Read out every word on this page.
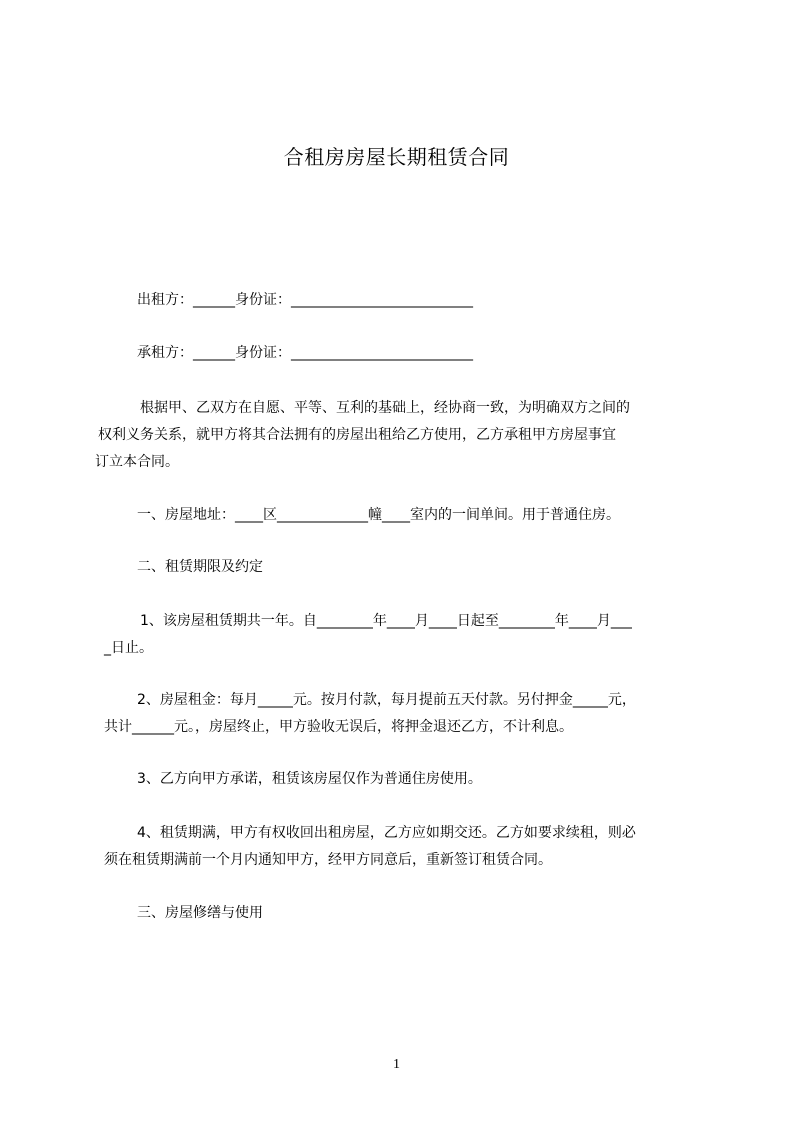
合租房房屋长期租赁合同
出租方：______身份证：__________________________
承租方：______身份证：__________________________
根据甲、乙双方在自愿、平等、互利的基础上，经协商一致，为明确双方之间的
权利义务关系，就甲方将其合法拥有的房屋出租给乙方使用，乙方承租甲方房屋事宜
订立本合同。
一、房屋地址：____区_____________幢____室内的一间单间。用于普通住房。
二、租赁期限及约定
1、该房屋租赁期共一年。自________年____月____日起至________年____月___
_日止。
2、房屋租金：每月_____元。按月付款，每月提前五天付款。另付押金_____元，
共计______元。，房屋终止，甲方验收无误后，将押金退还乙方，不计利息。
3、乙方向甲方承诺，租赁该房屋仅作为普通住房使用。
4、租赁期满，甲方有权收回出租房屋，乙方应如期交还。乙方如要求续租，则必
须在租赁期满前一个月内通知甲方，经甲方同意后，重新签订租赁合同。
三、房屋修缮与使用
1
